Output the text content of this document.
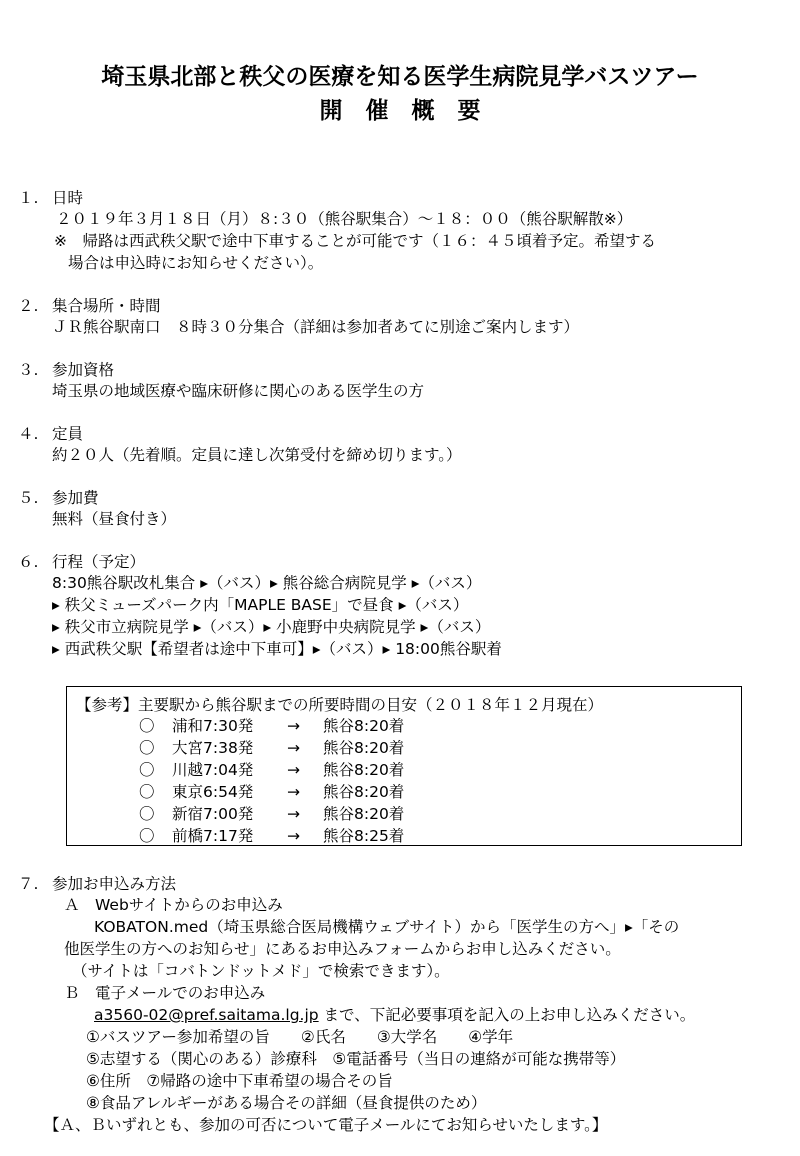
埼玉県北部と秩父の医療を知る医学生病院見学バスツアー
開　催　概　要
１. 日時
２０１９年３月１８日（月）８:３０（熊谷駅集合）～１８：００（熊谷駅解散※）
※　帰路は西武秩父駅で途中下車することが可能です（１６：４５頃着予定。希望する
場合は申込時にお知らせください）。
２. 集合場所・時間
ＪＲ熊谷駅南口　８時３０分集合（詳細は参加者あてに別途ご案内します）
３. 参加資格
埼玉県の地域医療や臨床研修に関心のある医学生の方
４. 定員
約２０人（先着順。定員に達し次第受付を締め切ります。）
５. 参加費
無料（昼食付き）
６. 行程（予定）
8:30熊谷駅改札集合 ▸（バス）▸ 熊谷総合病院見学 ▸（バス）
▸ 秩父ミューズパーク内「MAPLE BASE」で昼食 ▸（バス）
▸ 秩父市立病院見学 ▸（バス）▸ 小鹿野中央病院見学 ▸（バス）
▸ 西武秩父駅【希望者は途中下車可】▸（バス）▸ 18:00熊谷駅着
【参考】主要駅から熊谷駅までの所要時間の目安（２０１８年１２月現在）
〇 浦和7:30発 → 熊谷8:20着
〇 大宮7:38発 → 熊谷8:20着
〇 川越7:04発 → 熊谷8:20着
〇 東京6:54発 → 熊谷8:20着
〇 新宿7:00発 → 熊谷8:20着
〇 前橋7:17発 → 熊谷8:25着
７. 参加お申込み方法
Ａ　Webサイトからのお申込み
KOBATON.med（埼玉県総合医局機構ウェブサイト）から「医学生の方へ」▸「その
他医学生の方へのお知らせ」にあるお申込みフォームからお申し込みください。
（サイトは「コバトンドットメド」で検索できます）。
Ｂ　電子メールでのお申込み
a3560-02@pref.saitama.lg.jp まで、下記必要事項を記入の上お申し込みください。
①バスツアー参加希望の旨　　②氏名　　③大学名　　④学年
⑤志望する（関心のある）診療科　⑤電話番号（当日の連絡が可能な携帯等）
⑥住所　⑦帰路の途中下車希望の場合その旨
⑧食品アレルギーがある場合その詳細（昼食提供のため）
【Ａ、Ｂいずれとも、参加の可否について電子メールにてお知らせいたします。】
